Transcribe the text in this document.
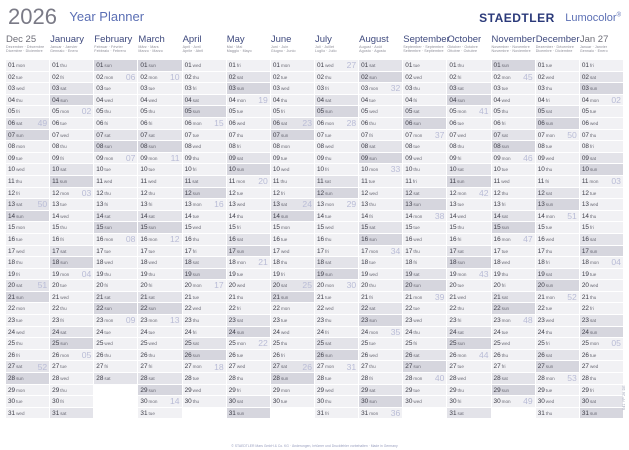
2026 Year Planner	STAEDTLER Lumocolor®
Dec 25
Dezember · Décembre
Dicembre · Diciembre
01mon
02tue
03wed
04thu
05fri
06sat
07sun
08mon
09tue
10wed
11thu
12fri
13sat
14sun
15mon
16tue
17wed
18thu
19fri
20sat
21sun
22mon
23tue
24wed
25thu
26fri
27sat
28sun
29mon
30tue
31wed
49
50
51
52
January
Januar · Janvier
Gennaio · Enero
01thu
02fri
03sat
04sun
05mon
06tue
07wed
08thu
09fri
10sat
11sun
12mon
13tue
14wed
15thu
16fri
17sat
18sun
19mon
20tue
21wed
22thu
23fri
24sat
25sun
26mon
27tue
28wed
29thu
30fri
31sat
02
03
04
05
February
Februar · Février
Febbraio · Febrero
01sun
02mon
03tue
04wed
05thu
06fri
07sat
08sun
09mon
10tue
11wed
12thu
13fri
14sat
15sun
16mon
17tue
18wed
19thu
20fri
21sat
22sun
23mon
24tue
25wed
26thu
27fri
28sat
06
07
08
09
March
März · Mars
Marzo · Marzo
01sun
02mon
03tue
04wed
05thu
06fri
07sat
08sun
09mon
10tue
11wed
12thu
13fri
14sat
15sun
16mon
17tue
18wed
19thu
20fri
21sat
22sun
23mon
24tue
25wed
26thu
27fri
28sat
29sun
30mon
31tue
10
11
12
13
14
April
April · Avril
Aprile · Abril
01wed
02thu
03fri
04sat
05sun
06mon
07tue
08wed
09thu
10fri
11sat
12sun
13mon
14tue
15wed
16thu
17fri
18sat
19sun
20mon
21tue
22wed
23thu
24fri
25sat
26sun
27mon
28tue
29wed
30thu
15
16
17
18
May
Mai · Mai
Maggio · Mayo
01fri
02sat
03sun
04mon
05tue
06wed
07thu
08fri
09sat
10sun
11mon
12tue
13wed
14thu
15fri
16sat
17sun
18mon
19tue
20wed
21thu
22fri
23sat
24sun
25mon
26tue
27wed
28thu
29fri
30sat
31sun
19
20
21
22
June
Juni · Juin
Giugno · Junio
01mon
02tue
03wed
04thu
05fri
06sat
07sun
08mon
09tue
10wed
11thu
12fri
13sat
14sun
15mon
16tue
17wed
18thu
19fri
20sat
21sun
22mon
23tue
24wed
25thu
26fri
27sat
28sun
29mon
30tue
23
24
25
26
July
Juli · Juillet
Luglio · Julio
01wed
02thu
03fri
04sat
05sun
06mon
07tue
08wed
09thu
10fri
11sat
12sun
13mon
14tue
15wed
16thu
17fri
18sat
19sun
20mon
21tue
22wed
23thu
24fri
25sat
26sun
27mon
28tue
29wed
30thu
31fri
27
28
29
30
31
August
August · Août
Agosto · Agosto
01sat
02sun
03mon
04tue
05wed
06thu
07fri
08sat
09sun
10mon
11tue
12wed
13thu
14fri
15sat
16sun
17mon
18tue
19wed
20thu
21fri
22sat
23sun
24mon
25tue
26wed
27thu
28fri
29sat
30sun
31mon
32
33
34
35
36
September
September · Septembre
Settembre · Septiembre
01tue
02wed
03thu
04fri
05sat
06sun
07mon
08tue
09wed
10thu
11fri
12sat
13sun
14mon
15tue
16wed
17thu
18fri
19sat
20sun
21mon
22tue
23wed
24thu
25fri
26sat
27sun
28mon
29tue
30wed
37
38
39
40
October
Oktober · Octobre
Ottobre · Octubre
01thu
02fri
03sat
04sun
05mon
06tue
07wed
08thu
09fri
10sat
11sun
12mon
13tue
14wed
15thu
16fri
17sat
18sun
19mon
20tue
21wed
22thu
23fri
24sat
25sun
26mon
27tue
28wed
29thu
30fri
31sat
41
42
43
44
November
November · Novembre
Novembre · Noviembre
01sun
02mon
03tue
04wed
05thu
06fri
07sat
08sun
09mon
10tue
11wed
12thu
13fri
14sat
15sun
16mon
17tue
18wed
19thu
20fri
21sat
22sun
23mon
24tue
25wed
26thu
27fri
28sat
29sun
30mon
45
46
47
48
49
December
Dezember · Décembre
Dicembre · Diciembre
01tue
02wed
03thu
04fri
05sat
06sun
07mon
08tue
09wed
10thu
11fri
12sat
13sun
14mon
15tue
16wed
17thu
18fri
19sat
20sun
21mon
22tue
23wed
24thu
25fri
26sat
27sun
28mon
29tue
30wed
31thu
50
51
52
53
Jan 27
Januar · Janvier
Gennaio · Enero
01fri
02sat
03sun
04mon
05tue
06wed
07thu
08fri
09sat
10sun
11mon
12tue
13wed
14thu
15fri
16sat
17sun
18mon
19tue
20wed
21thu
22fri
23sat
24sun
25mon
26tue
27wed
28thu
29fri
30sat
31sun
02
03
04
05
641 YP 26 DE
© STAEDTLER Mars GmbH & Co. KG · Änderungen, Irrtümer und Druckfehler vorbehalten · Made in Germany
